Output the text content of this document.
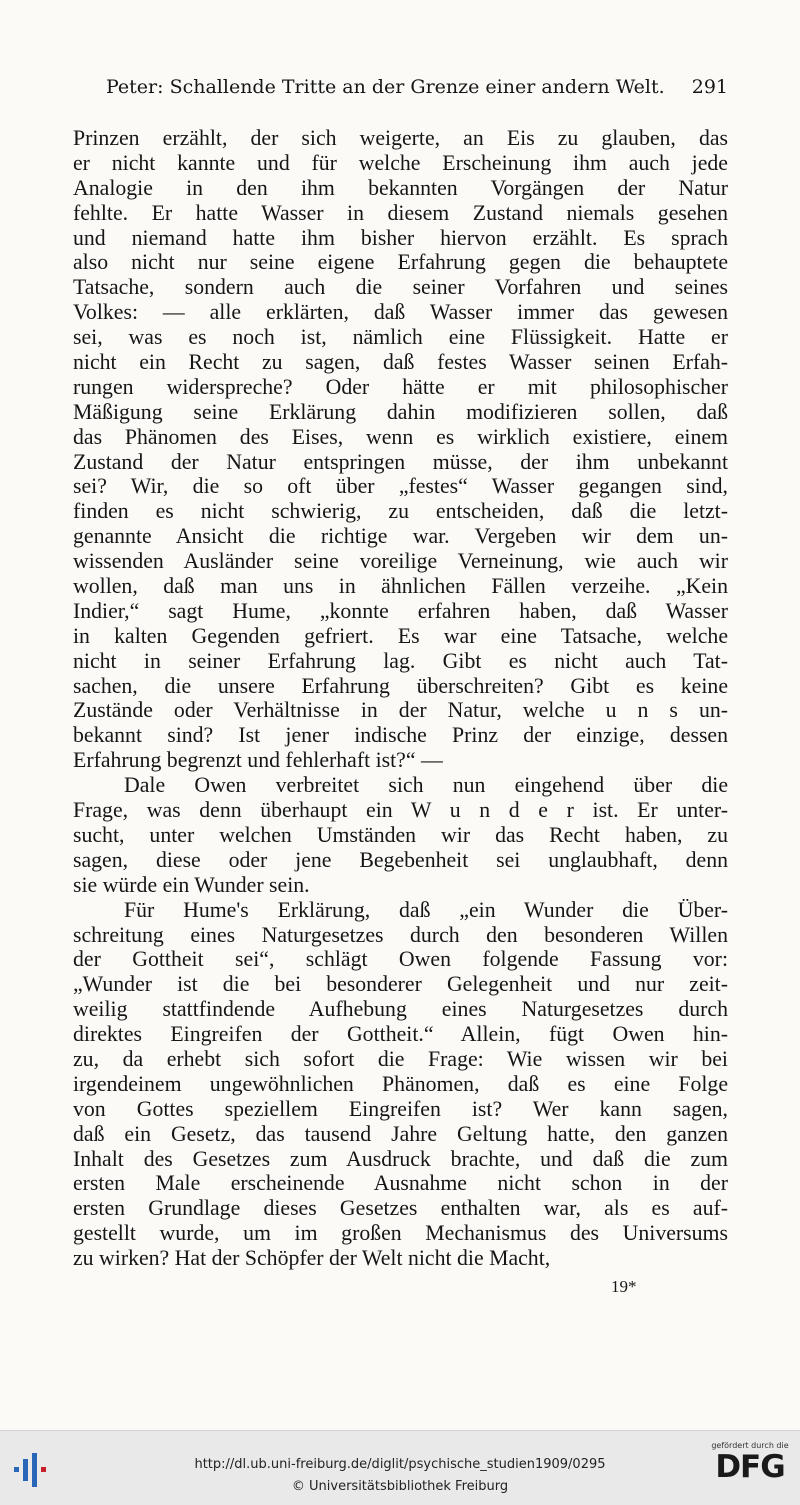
Peter: Schallende Tritte an der Grenze einer andern Welt. 291
Prinzen erzählt, der sich weigerte, an Eis zu glauben, das
er nicht kannte und für welche Erscheinung ihm auch jede
Analogie in den ihm bekannten Vorgängen der Natur
fehlte. Er hatte Wasser in diesem Zustand niemals gesehen
und niemand hatte ihm bisher hiervon erzählt. Es sprach
also nicht nur seine eigene Erfahrung gegen die behauptete
Tatsache, sondern auch die seiner Vorfahren und seines
Volkes: — alle erklärten, daß Wasser immer das gewesen
sei, was es noch ist, nämlich eine Flüssigkeit. Hatte er
nicht ein Recht zu sagen, daß festes Wasser seinen Erfah-
rungen widerspreche? Oder hätte er mit philosophischer
Mäßigung seine Erklärung dahin modifizieren sollen, daß
das Phänomen des Eises, wenn es wirklich existiere, einem
Zustand der Natur entspringen müsse, der ihm unbekannt
sei? Wir, die so oft über „festes“ Wasser gegangen sind,
finden es nicht schwierig, zu entscheiden, daß die letzt-
genannte Ansicht die richtige war. Vergeben wir dem un-
wissenden Ausländer seine voreilige Verneinung, wie auch wir
wollen, daß man uns in ähnlichen Fällen verzeihe. „Kein
Indier,“ sagt Hume, „konnte erfahren haben, daß Wasser
in kalten Gegenden gefriert. Es war eine Tatsache, welche
nicht in seiner Erfahrung lag. Gibt es nicht auch Tat-
sachen, die unsere Erfahrung überschreiten? Gibt es keine
Zustände oder Verhältnisse in der Natur, welche u n s un-
bekannt sind? Ist jener indische Prinz der einzige, dessen
Erfahrung begrenzt und fehlerhaft ist?“ —
Dale Owen verbreitet sich nun eingehend über die
Frage, was denn überhaupt ein W u n d e r ist. Er unter-
sucht, unter welchen Umständen wir das Recht haben, zu
sagen, diese oder jene Begebenheit sei unglaubhaft, denn
sie würde ein Wunder sein.
Für Hume's Erklärung, daß „ein Wunder die Über-
schreitung eines Naturgesetzes durch den besonderen Willen
der Gottheit sei“, schlägt Owen folgende Fassung vor:
„Wunder ist die bei besonderer Gelegenheit und nur zeit-
weilig stattfindende Aufhebung eines Naturgesetzes durch
direktes Eingreifen der Gottheit.“ Allein, fügt Owen hin-
zu, da erhebt sich sofort die Frage: Wie wissen wir bei
irgendeinem ungewöhnlichen Phänomen, daß es eine Folge
von Gottes speziellem Eingreifen ist? Wer kann sagen,
daß ein Gesetz, das tausend Jahre Geltung hatte, den ganzen
Inhalt des Gesetzes zum Ausdruck brachte, und daß die zum
ersten Male erscheinende Ausnahme nicht schon in der
ersten Grundlage dieses Gesetzes enthalten war, als es auf-
gestellt wurde, um im großen Mechanismus des Universums
zu wirken? Hat der Schöpfer der Welt nicht die Macht,
19*
http://dl.ub.uni-freiburg.de/diglit/psychische_studien1909/0295
© Universitätsbibliothek Freiburg
gefördert durch die
DFG
